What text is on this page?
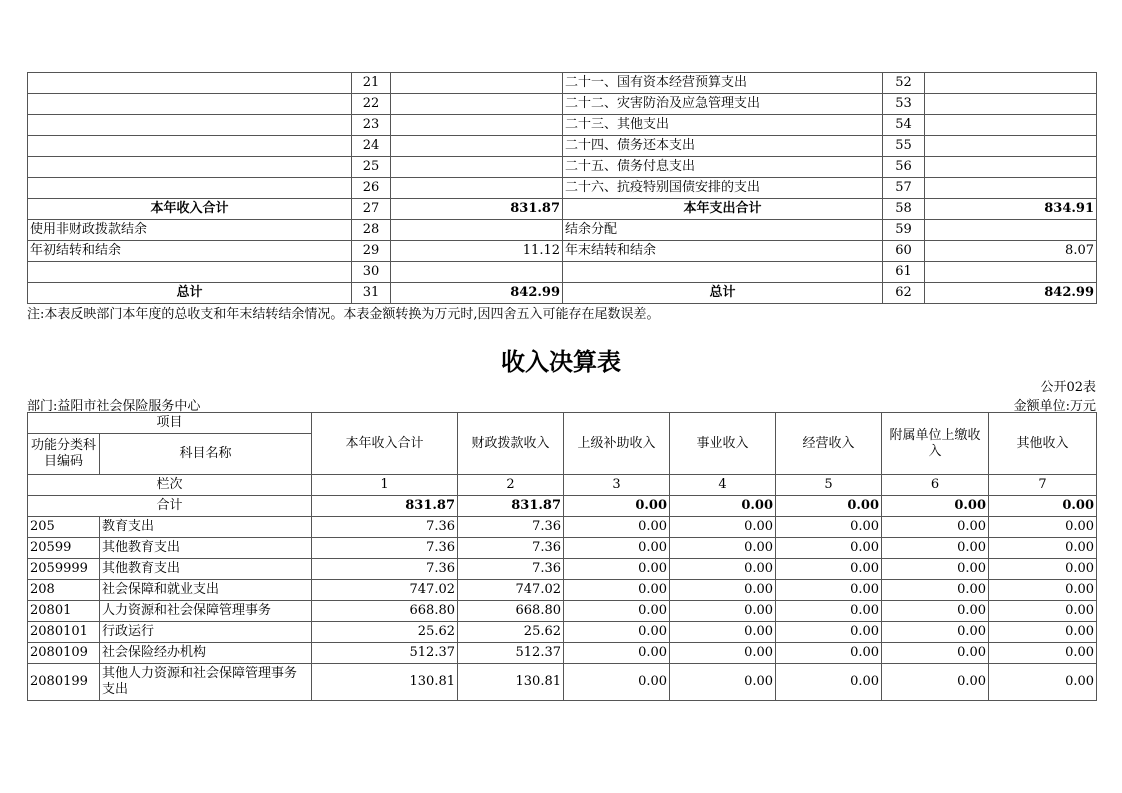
	21		二十一、国有资本经营预算支出	52	
	22		二十二、灾害防治及应急管理支出	53	
	23		二十三、其他支出	54	
	24		二十四、债务还本支出	55	
	25		二十五、债务付息支出	56	
	26		二十六、抗疫特别国债安排的支出	57	
本年收入合计	27	831.87	本年支出合计	58	834.91
使用非财政拨款结余	28		结余分配	59	
年初结转和结余	29	11.12	年末结转和结余	60	8.07
	30			61	
总计	31	842.99	总计	62	842.99
注:本表反映部门本年度的总收支和年末结转结余情况。本表金额转换为万元时,因四舍五入可能存在尾数误差。
收入决算表
公开02表
部门:益阳市社会保险服务中心	金额单位:万元
项目		本年收入合计	财政拨款收入	上级补助收入	事业收入	经营收入	附属单位上缴收入	其他收入
功能分类科目编码	科目名称							
栏次		1	2	3	4	5	6	7
合计		831.87	831.87	0.00	0.00	0.00	0.00	0.00
205	教育支出	7.36	7.36	0.00	0.00	0.00	0.00	0.00
20599	其他教育支出	7.36	7.36	0.00	0.00	0.00	0.00	0.00
2059999	其他教育支出	7.36	7.36	0.00	0.00	0.00	0.00	0.00
208	社会保障和就业支出	747.02	747.02	0.00	0.00	0.00	0.00	0.00
20801	人力资源和社会保障管理事务	668.80	668.80	0.00	0.00	0.00	0.00	0.00
2080101	行政运行	25.62	25.62	0.00	0.00	0.00	0.00	0.00
2080109	社会保险经办机构	512.37	512.37	0.00	0.00	0.00	0.00	0.00
2080199	其他人力资源和社会保障管理事务支出	130.81	130.81	0.00	0.00	0.00	0.00	0.00
